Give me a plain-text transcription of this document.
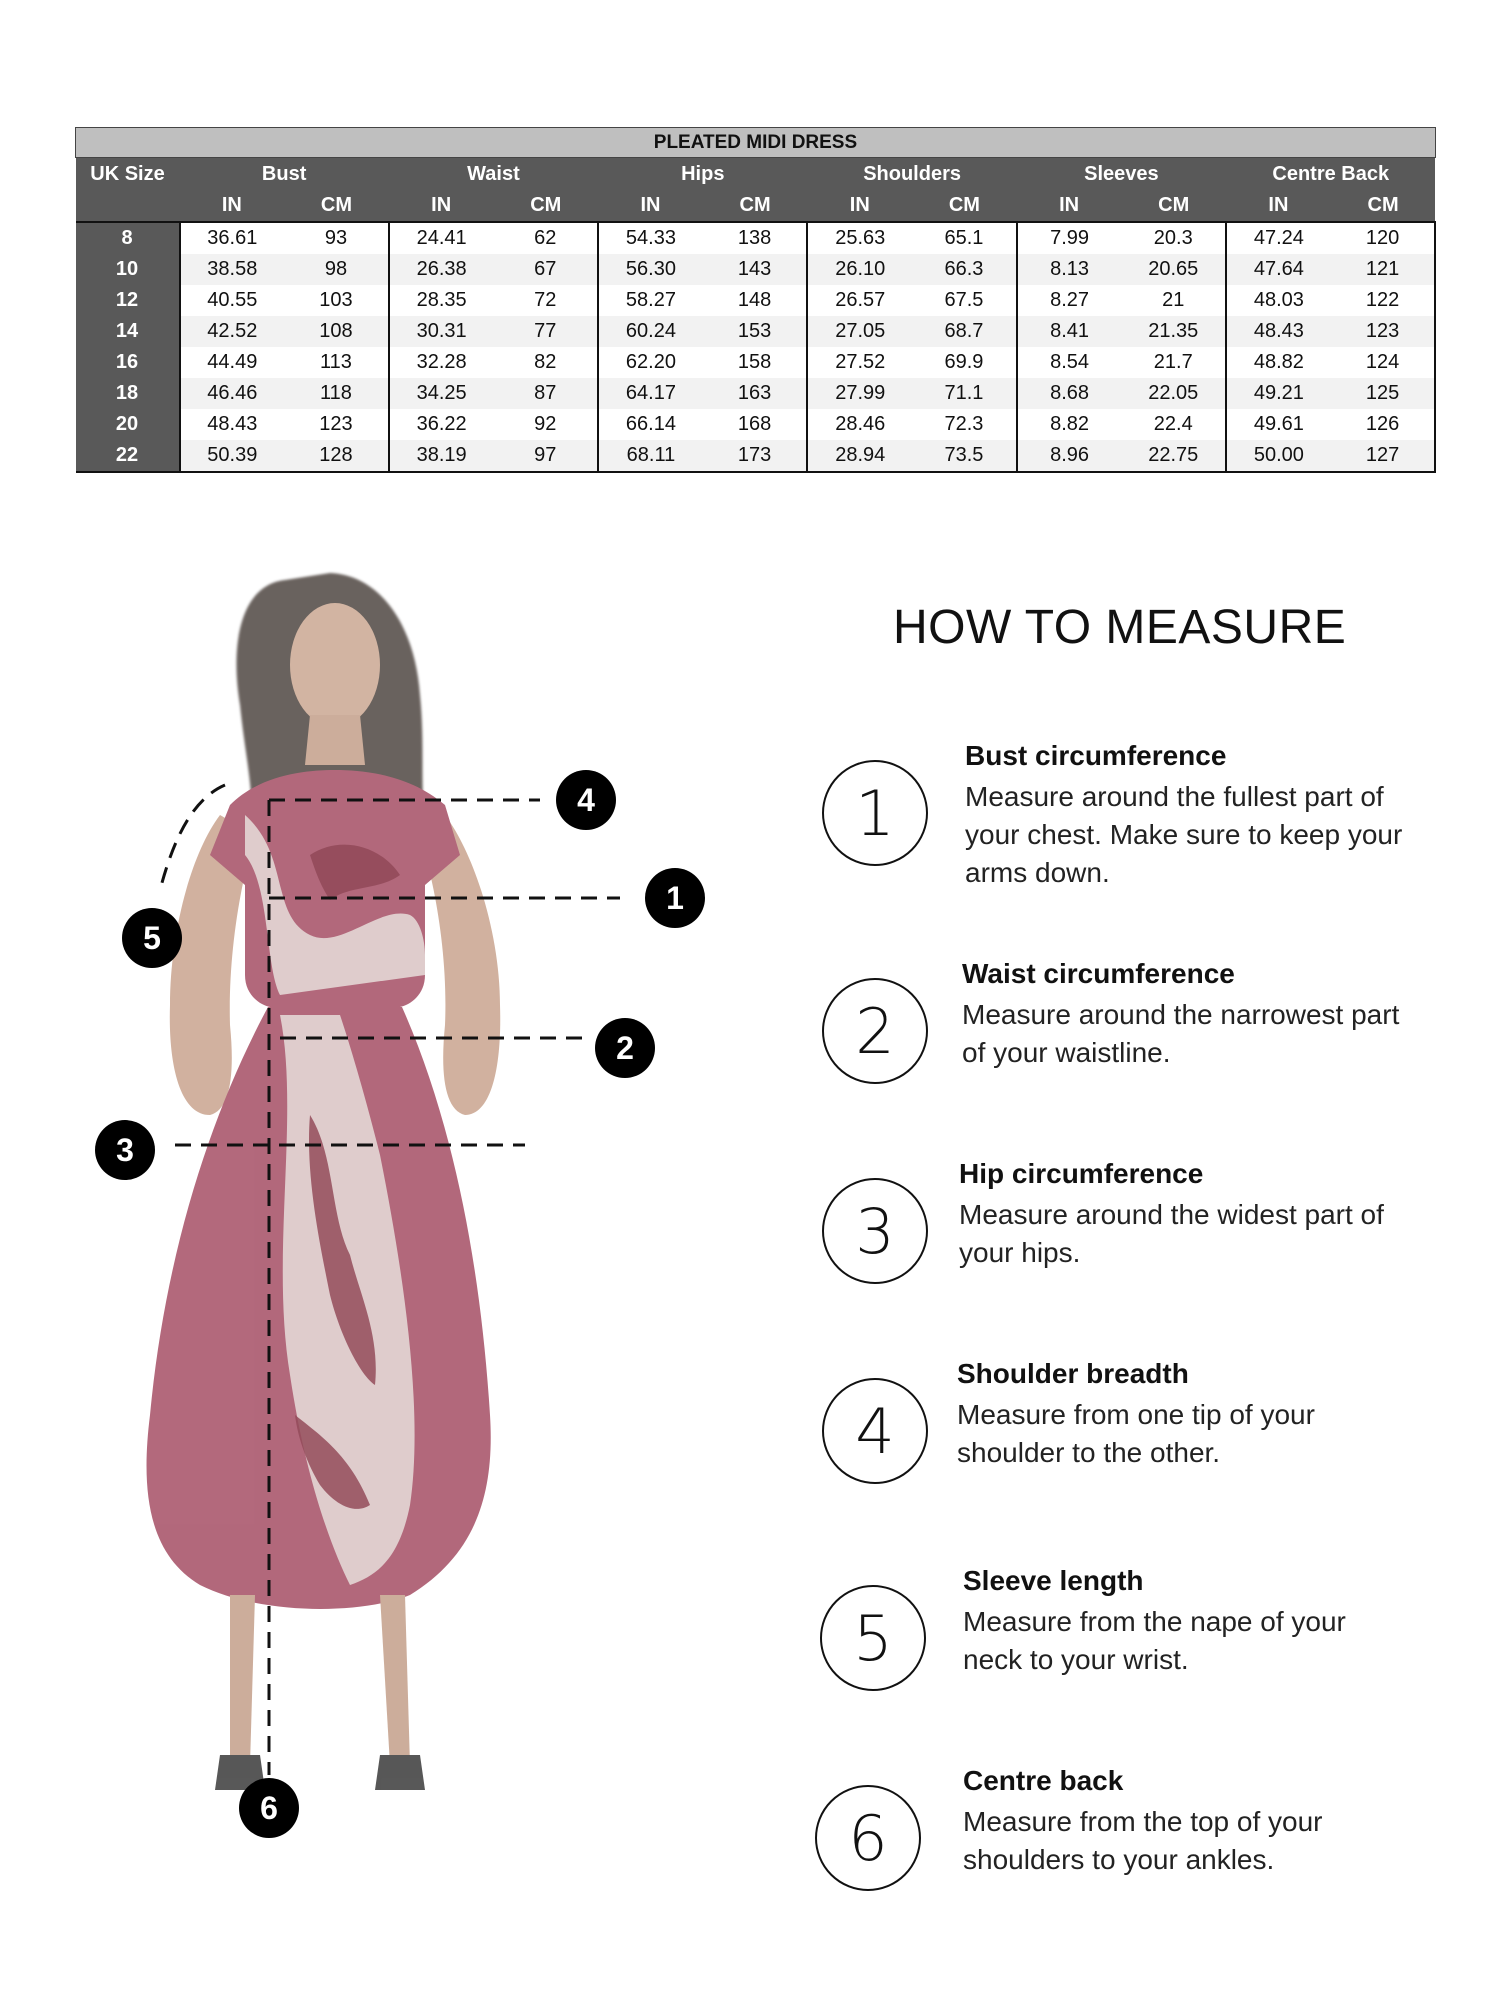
PLEATED MIDI DRESS												
UK Size	Bust		Waist		Hips		Shoulders		Sleeves		Centre Back	
	IN	CM	IN	CM	IN	CM	IN	CM	IN	CM	IN	CM
8	36.61	93	24.41	62	54.33	138	25.63	65.1	7.99	20.3	47.24	120
10	38.58	98	26.38	67	56.30	143	26.10	66.3	8.13	20.65	47.64	121
12	40.55	103	28.35	72	58.27	148	26.57	67.5	8.27	21	48.03	122
14	42.52	108	30.31	77	60.24	153	27.05	68.7	8.41	21.35	48.43	123
16	44.49	113	32.28	82	62.20	158	27.52	69.9	8.54	21.7	48.82	124
18	46.46	118	34.25	87	64.17	163	27.99	71.1	8.68	22.05	49.21	125
20	48.43	123	36.22	92	66.14	168	28.46	72.3	8.82	22.4	49.61	126
22	50.39	128	38.19	97	68.11	173	28.94	73.5	8.96	22.75	50.00	127
4
1
5
2
3
6
HOW TO MEASURE
1
Bust circumference
Measure around the fullest part of your chest. Make sure to keep your arms down.
2
Waist circumference
Measure around the narrowest part of your waistline.
3
Hip circumference
Measure around the widest part of your hips.
4
Shoulder breadth
Measure from one tip of your shoulder to the other.
5
Sleeve length
Measure from the nape of your neck to your wrist.
6
Centre back
Measure from the top of your shoulders to your ankles.
